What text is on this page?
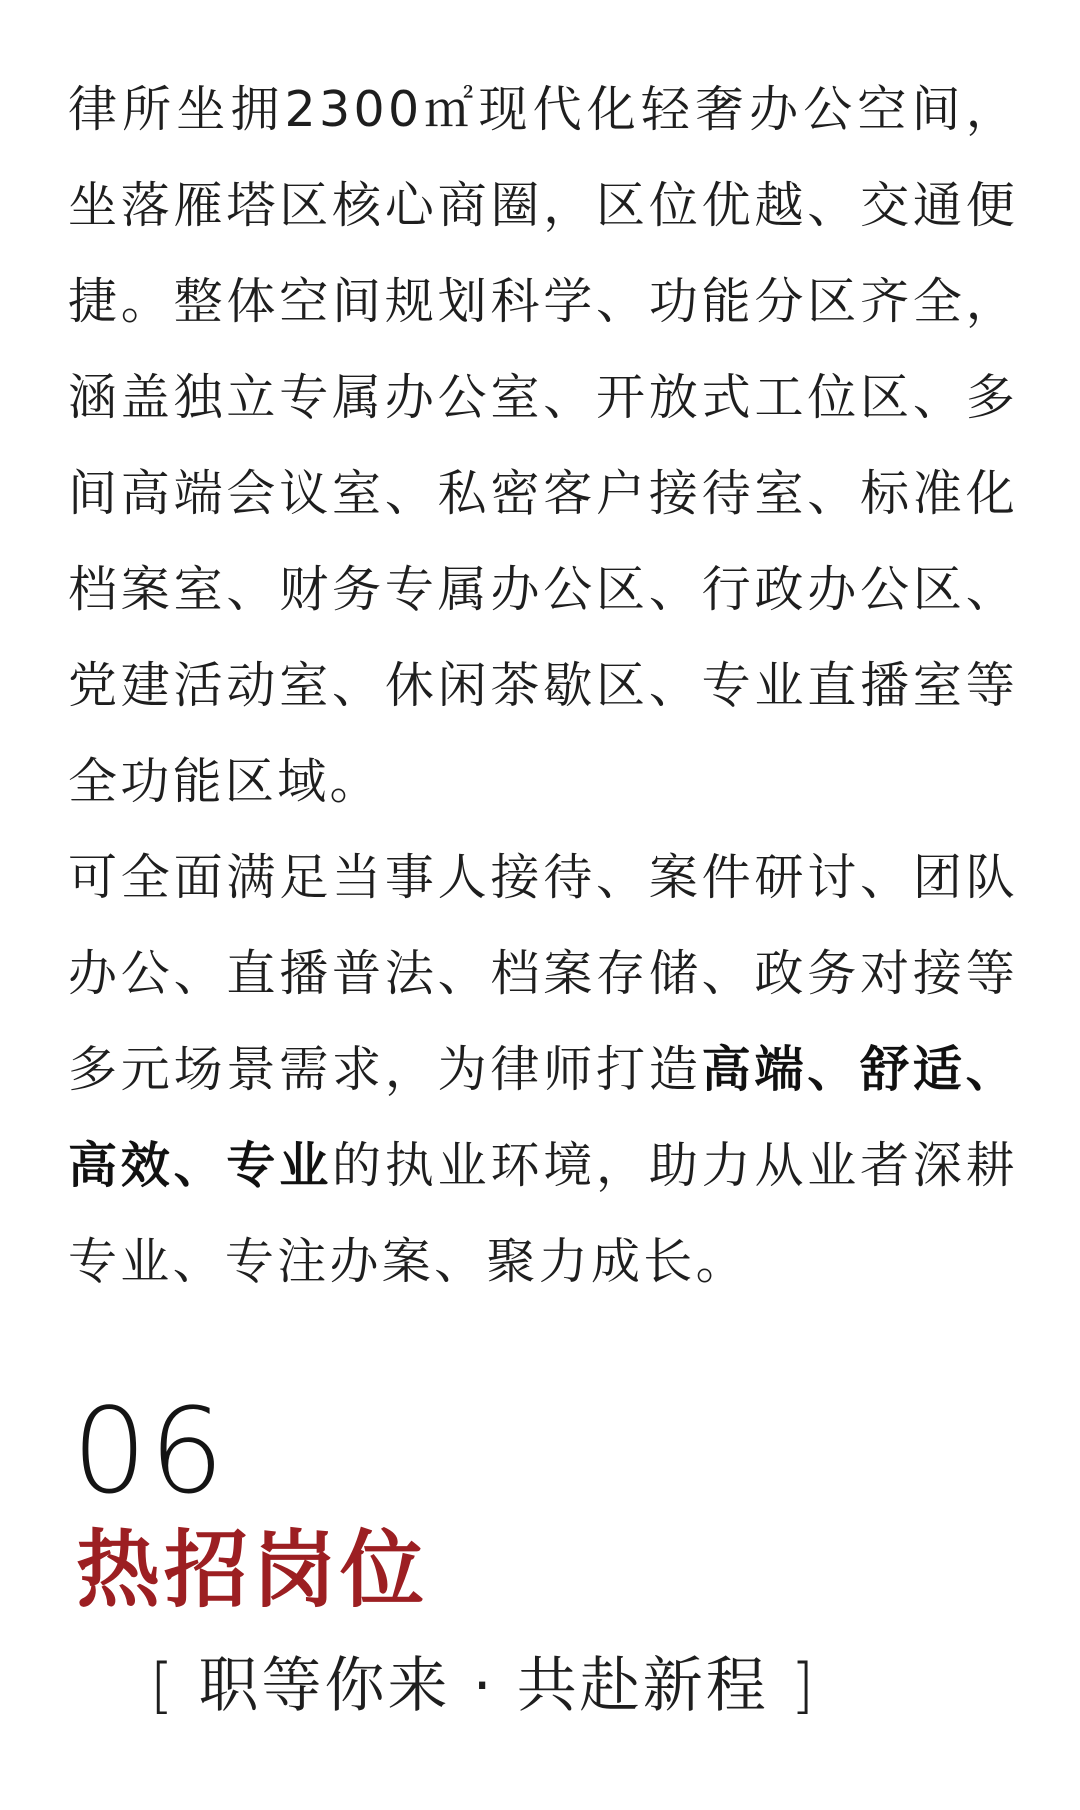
律所坐拥2300㎡现代化轻奢办公空间，坐落雁塔区核心商圈，区位优越、交通便捷。整体空间规划科学、功能分区齐全，涵盖独立专属办公室、开放式工位区、多间高端会议室、私密客户接待室、标准化档案室、财务专属办公区、行政办公区、党建活动室、休闲茶歇区、专业直播室等全功能区域。

可全面满足当事人接待、案件研讨、团队办公、直播普法、档案存储、政务对接等多元场景需求，为律师打造高端、舒适、高效、专业的执业环境，助力从业者深耕专业、专注办案、聚力成长。

06
热招岗位
[ 职等你来 · 共赴新程 ]
